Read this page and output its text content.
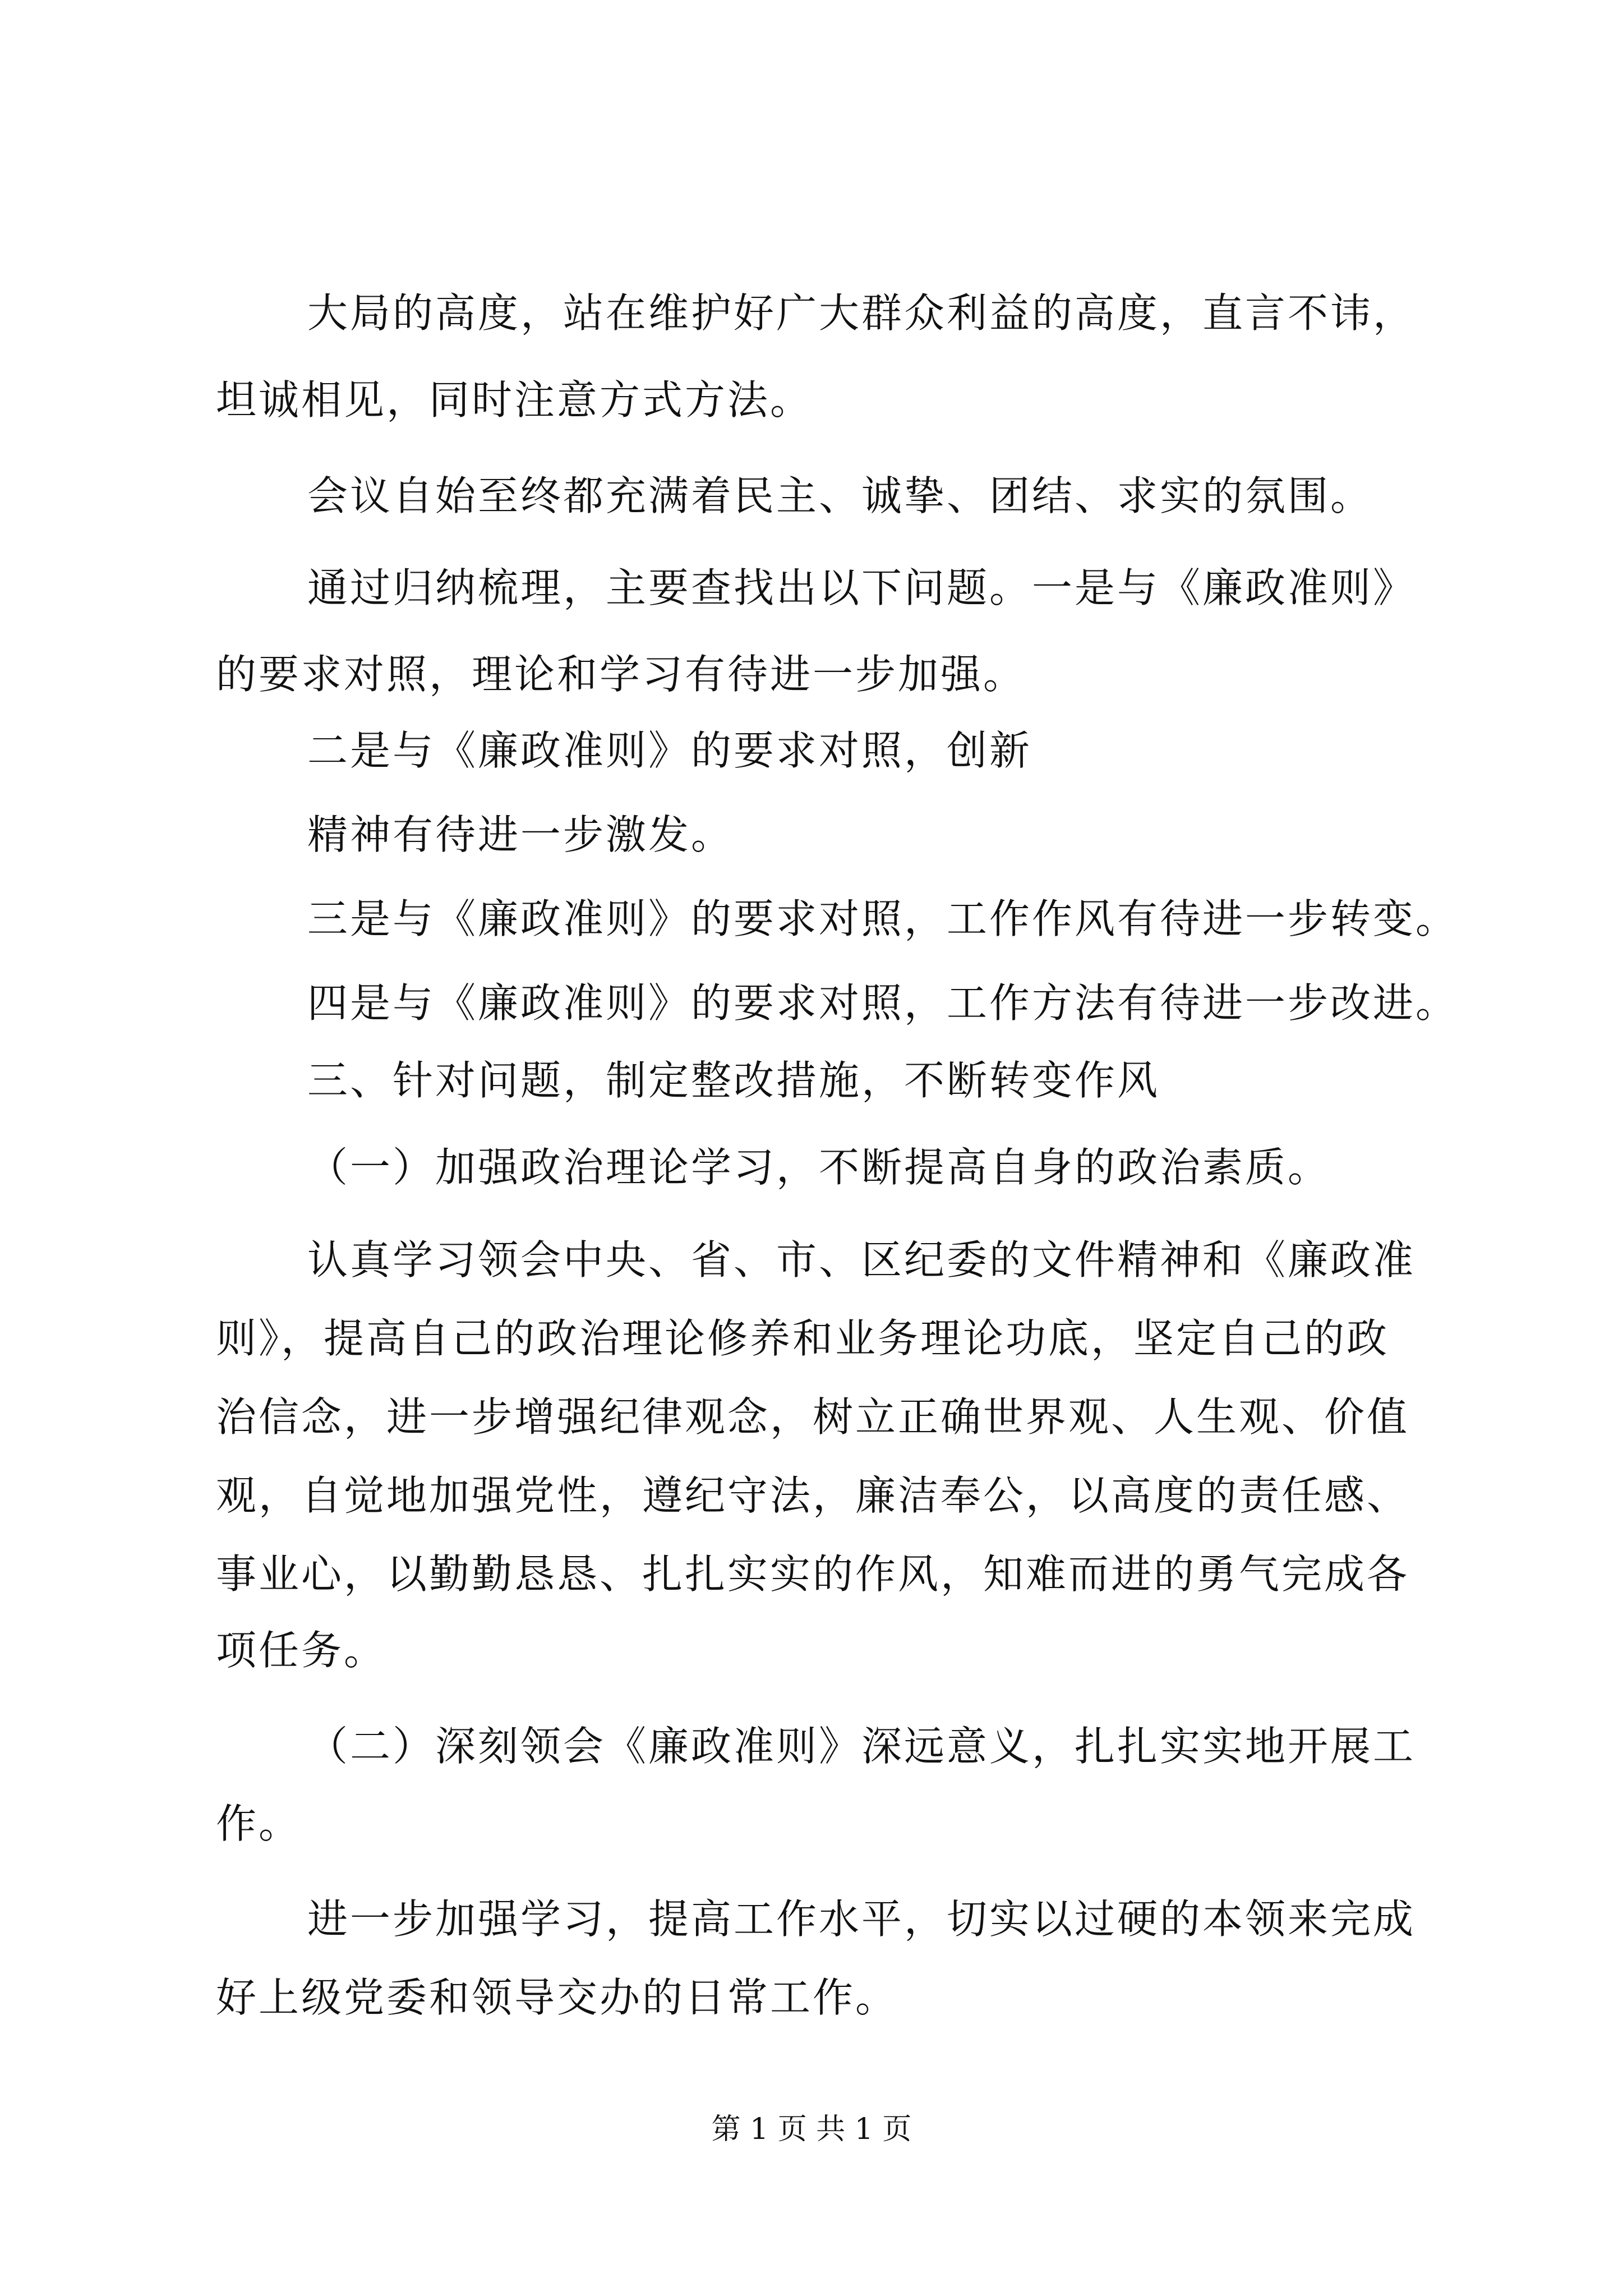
大局的高度，站在维护好广大群众利益的高度，直言不讳，
坦诚相见，同时注意方式方法。
会议自始至终都充满着民主、诚挚、团结、求实的氛围。
通过归纳梳理，主要查找出以下问题。一是与《廉政准则》
的要求对照，理论和学习有待进一步加强。
二是与《廉政准则》的要求对照，创新
精神有待进一步激发。
三是与《廉政准则》的要求对照，工作作风有待进一步转变。
四是与《廉政准则》的要求对照，工作方法有待进一步改进。
三、针对问题，制定整改措施，不断转变作风
（一）加强政治理论学习，不断提高自身的政治素质。
认真学习领会中央、省、市、区纪委的文件精神和《廉政准
则》，提高自己的政治理论修养和业务理论功底，坚定自己的政
治信念，进一步增强纪律观念，树立正确世界观、人生观、价值
观，自觉地加强党性，遵纪守法，廉洁奉公，以高度的责任感、
事业心，以勤勤恳恳、扎扎实实的作风，知难而进的勇气完成各
项任务。
（二）深刻领会《廉政准则》深远意义，扎扎实实地开展工
作。
进一步加强学习，提高工作水平，切实以过硬的本领来完成
好上级党委和领导交办的日常工作。
第 1 页 共 1 页
